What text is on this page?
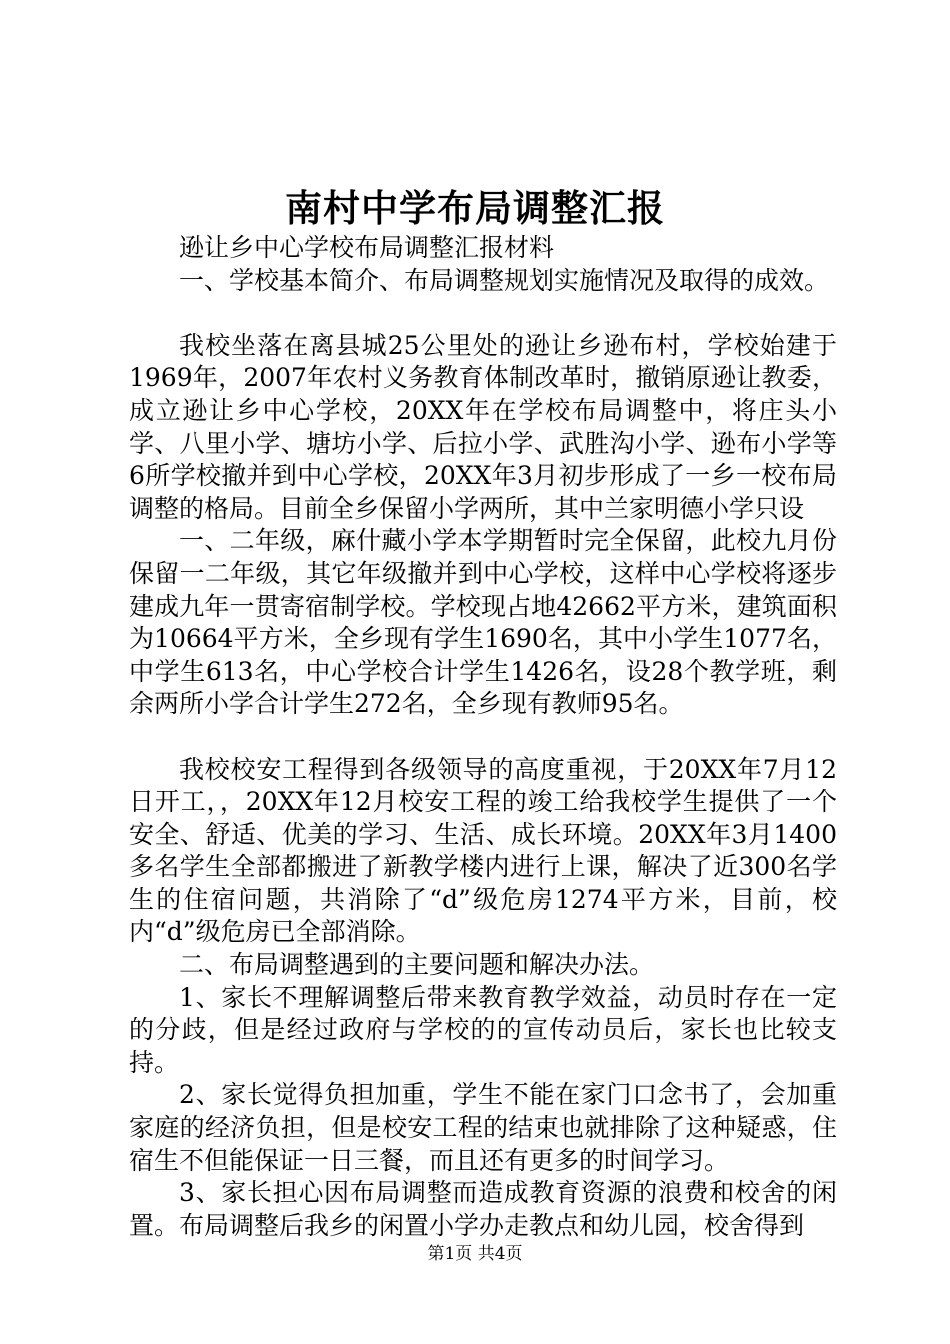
南村中学布局调整汇报

逊让乡中心学校布局调整汇报材料

一、学校基本简介、布局调整规划实施情况及取得的成效。

我校坐落在离县城25公里处的逊让乡逊布村，学校始建于1969年，2007年农村义务教育体制改革时，撤销原逊让教委，成立逊让乡中心学校，20XX年在学校布局调整中，将庄头小学、八里小学、塘坊小学、后拉小学、武胜沟小学、逊布小学等6所学校撤并到中心学校，20XX年3月初步形成了一乡一校布局调整的格局。目前全乡保留小学两所，其中兰家明德小学只设

一、二年级，麻什藏小学本学期暂时完全保留，此校九月份保留一二年级，其它年级撤并到中心学校，这样中心学校将逐步建成九年一贯寄宿制学校。学校现占地42662平方米，建筑面积为10664平方米，全乡现有学生1690名，其中小学生1077名，中学生613名，中心学校合计学生1426名，设28个教学班，剩余两所小学合计学生272名，全乡现有教师95名。

我校校安工程得到各级领导的高度重视，于20XX年7月12日开工，，20XX年12月校安工程的竣工给我校学生提供了一个安全、舒适、优美的学习、生活、成长环境。20XX年3月1400多名学生全部都搬进了新教学楼内进行上课，解决了近300名学生的住宿问题，共消除了“d”级危房1274平方米，目前，校内“d”级危房已全部消除。

二、布局调整遇到的主要问题和解决办法。

1、家长不理解调整后带来教育教学效益，动员时存在一定的分歧，但是经过政府与学校的的宣传动员后，家长也比较支持。

2、家长觉得负担加重，学生不能在家门口念书了，会加重家庭的经济负担，但是校安工程的结束也就排除了这种疑惑，住宿生不但能保证一日三餐，而且还有更多的时间学习。

3、家长担心因布局调整而造成教育资源的浪费和校舍的闲置。布局调整后我乡的闲置小学办走教点和幼儿园，校舍得到

第1页 共4页
